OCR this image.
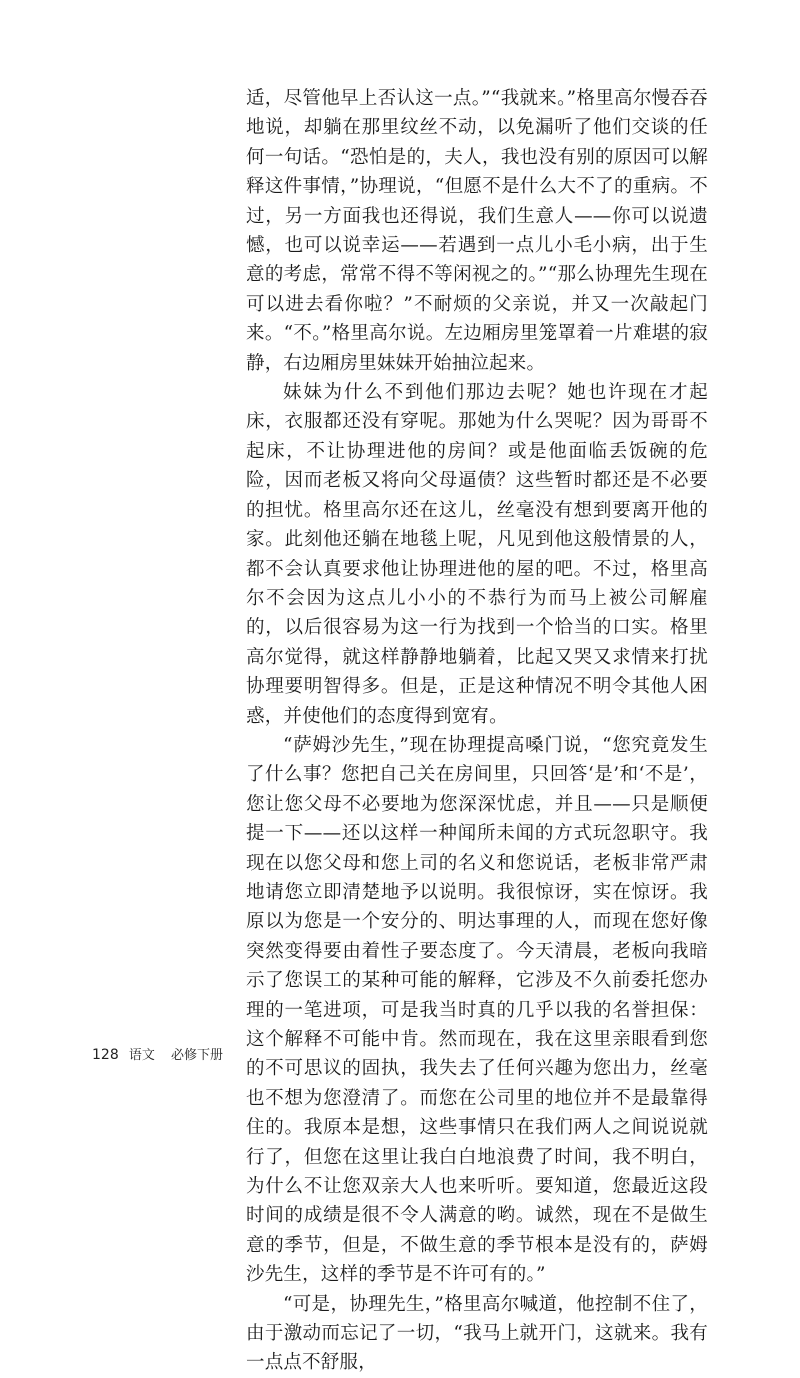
适，尽管他早上否认这一点。”“我就来。”格里高尔慢吞吞地说，却躺在那里纹丝不动，以免漏听了他们交谈的任何一句话。“恐怕是的，夫人，我也没有别的原因可以解释这件事情，”协理说，“但愿不是什么大不了的重病。不过，另一方面我也还得说，我们生意人——你可以说遗憾，也可以说幸运——若遇到一点儿小毛小病，出于生意的考虑，常常不得不等闲视之的。”“那么协理先生现在可以进去看你啦？”不耐烦的父亲说，并又一次敲起门来。“不。”格里高尔说。左边厢房里笼罩着一片难堪的寂静，右边厢房里妹妹开始抽泣起来。

妹妹为什么不到他们那边去呢？她也许现在才起床，衣服都还没有穿呢。那她为什么哭呢？因为哥哥不起床，不让协理进他的房间？或是他面临丢饭碗的危险，因而老板又将向父母逼债？这些暂时都还是不必要的担忧。格里高尔还在这儿，丝毫没有想到要离开他的家。此刻他还躺在地毯上呢，凡见到他这般情景的人，都不会认真要求他让协理进他的屋的吧。不过，格里高尔不会因为这点儿小小的不恭行为而马上被公司解雇的，以后很容易为这一行为找到一个恰当的口实。格里高尔觉得，就这样静静地躺着，比起又哭又求情来打扰协理要明智得多。但是，正是这种情况不明令其他人困惑，并使他们的态度得到宽宥。

“萨姆沙先生，”现在协理提高嗓门说，“您究竟发生了什么事？您把自己关在房间里，只回答‘是’和‘不是’，您让您父母不必要地为您深深忧虑，并且——只是顺便提一下——还以这样一种闻所未闻的方式玩忽职守。我现在以您父母和您上司的名义和您说话，老板非常严肃地请您立即清楚地予以说明。我很惊讶，实在惊讶。我原以为您是一个安分的、明达事理的人，而现在您好像突然变得要由着性子要态度了。今天清晨，老板向我暗示了您误工的某种可能的解释，它涉及不久前委托您办理的一笔进项，可是我当时真的几乎以我的名誉担保：这个解释不可能中肯。然而现在，我在这里亲眼看到您的不可思议的固执，我失去了任何兴趣为您出力，丝毫也不想为您澄清了。而您在公司里的地位并不是最靠得住的。我原本是想，这些事情只在我们两人之间说说就行了，但您在这里让我白白地浪费了时间，我不明白，为什么不让您双亲大人也来听听。要知道，您最近这段时间的成绩是很不令人满意的哟。诚然，现在不是做生意的季节，但是，不做生意的季节根本是没有的，萨姆沙先生，这样的季节是不许可有的。”

“可是，协理先生，”格里高尔喊道，他控制不住了，由于激动而忘记了一切，“我马上就开门，这就来。我有一点点不舒服，

128 语文 必修下册
